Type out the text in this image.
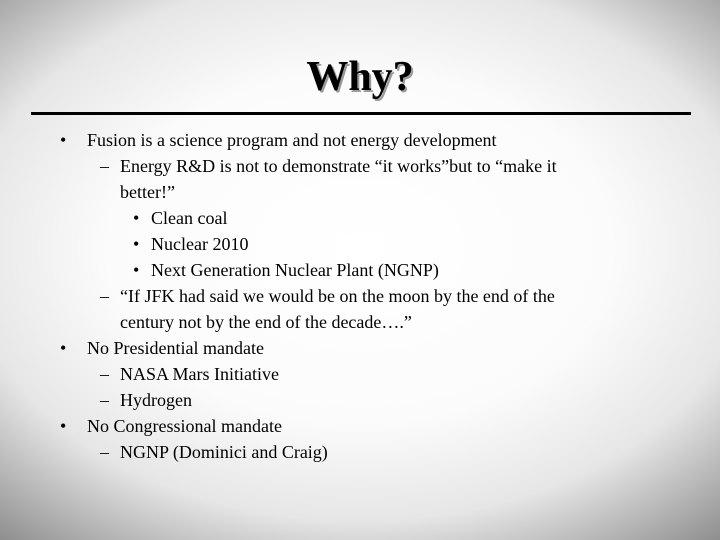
Why?
• Fusion is a science program and not energy development
– Energy R&D is not to demonstrate “it works”but to “make it
better!”
• Clean coal
• Nuclear 2010
• Next Generation Nuclear Plant (NGNP)
– “If JFK had said we would be on the moon by the end of the
century not by the end of the decade….”
• No Presidential mandate
– NASA Mars Initiative
– Hydrogen
• No Congressional mandate
– NGNP (Dominici and Craig)
